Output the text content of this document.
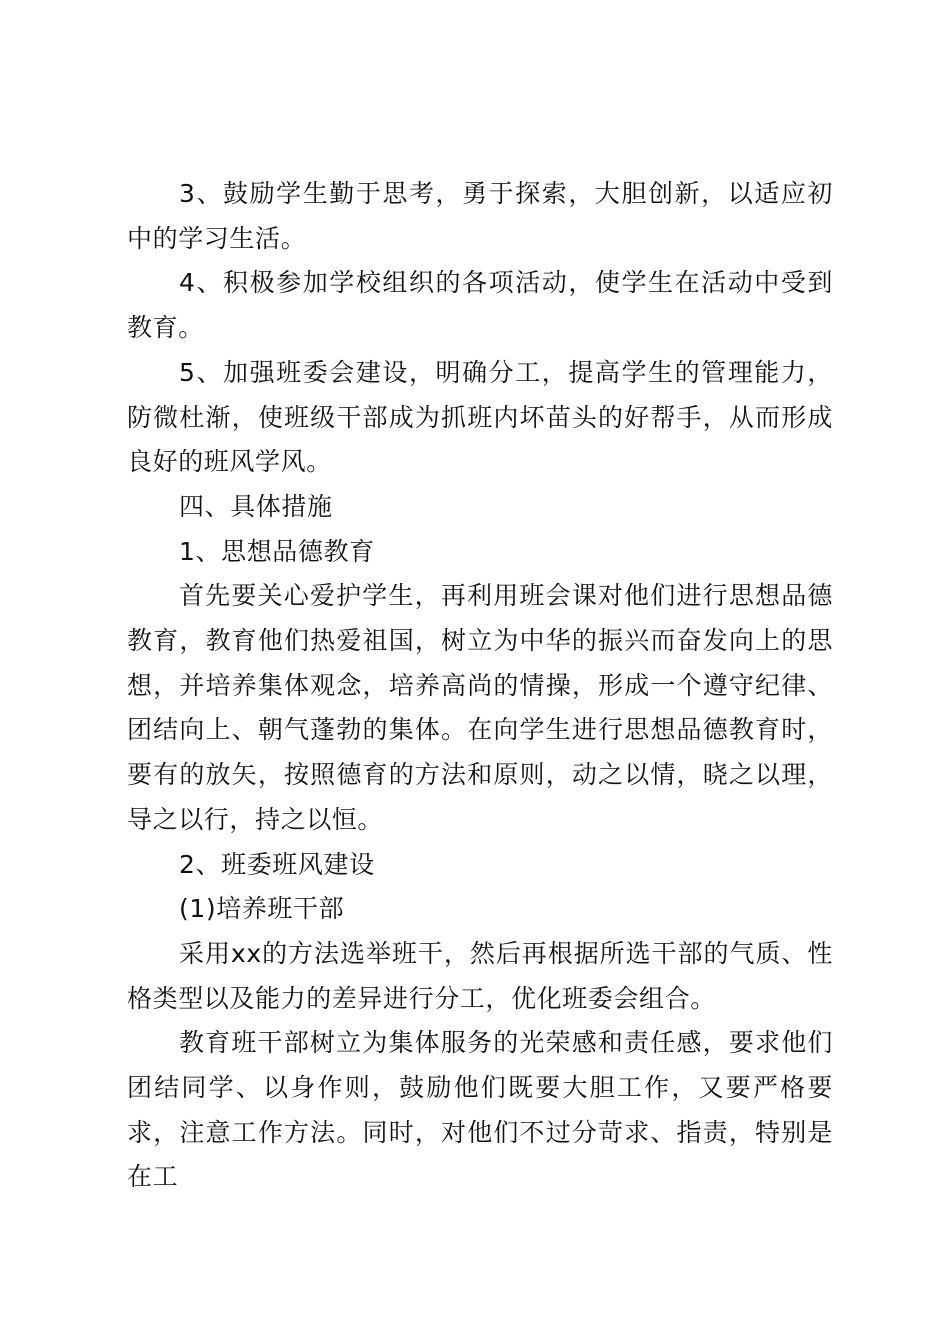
3、鼓励学生勤于思考，勇于探索，大胆创新，以适应初中的学习生活。

4、积极参加学校组织的各项活动，使学生在活动中受到教育。

5、加强班委会建设，明确分工，提高学生的管理能力，防微杜渐，使班级干部成为抓班内坏苗头的好帮手，从而形成良好的班风学风。

四、具体措施

1、思想品德教育

首先要关心爱护学生，再利用班会课对他们进行思想品德教育，教育他们热爱祖国，树立为中华的振兴而奋发向上的思想，并培养集体观念，培养高尚的情操，形成一个遵守纪律、团结向上、朝气蓬勃的集体。在向学生进行思想品德教育时，要有的放矢，按照德育的方法和原则，动之以情，晓之以理，导之以行，持之以恒。

2、班委班风建设

(1)培养班干部

采用xx的方法选举班干，然后再根据所选干部的气质、性格类型以及能力的差异进行分工，优化班委会组合。

教育班干部树立为集体服务的光荣感和责任感，要求他们团结同学、以身作则，鼓励他们既要大胆工作，又要严格要求，注意工作方法。同时，对他们不过分苛求、指责，特别是在工
